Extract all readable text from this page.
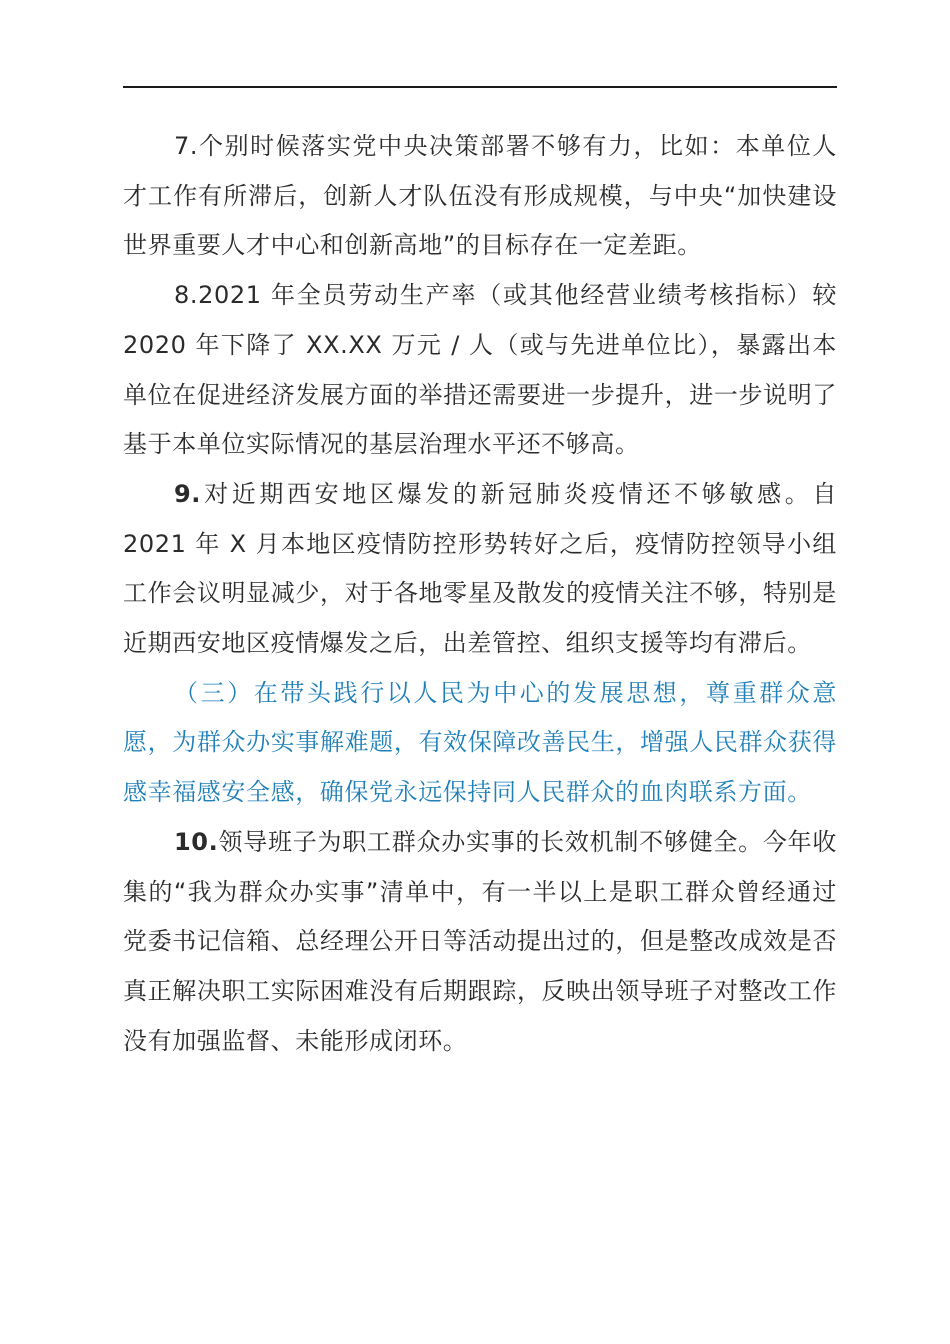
7.个别时候落实党中央决策部署不够有力，比如：本单位人才工作有所滞后，创新人才队伍没有形成规模，与中央“加快建设世界重要人才中心和创新高地”的目标存在一定差距。

8.2021 年全员劳动生产率（或其他经营业绩考核指标）较 2020 年下降了 XX.XX 万元 / 人（或与先进单位比），暴露出本单位在促进经济发展方面的举措还需要进一步提升，进一步说明了基于本单位实际情况的基层治理水平还不够高。

9.对近期西安地区爆发的新冠肺炎疫情还不够敏感。自 2021 年 X 月本地区疫情防控形势转好之后，疫情防控领导小组工作会议明显减少，对于各地零星及散发的疫情关注不够，特别是近期西安地区疫情爆发之后，出差管控、组织支援等均有滞后。

（三）在带头践行以人民为中心的发展思想，尊重群众意愿，为群众办实事解难题，有效保障改善民生，增强人民群众获得感幸福感安全感，确保党永远保持同人民群众的血肉联系方面。

10.领导班子为职工群众办实事的长效机制不够健全。今年收集的“我为群众办实事”清单中，有一半以上是职工群众曾经通过党委书记信箱、总经理公开日等活动提出过的，但是整改成效是否真正解决职工实际困难没有后期跟踪，反映出领导班子对整改工作没有加强监督、未能形成闭环。
